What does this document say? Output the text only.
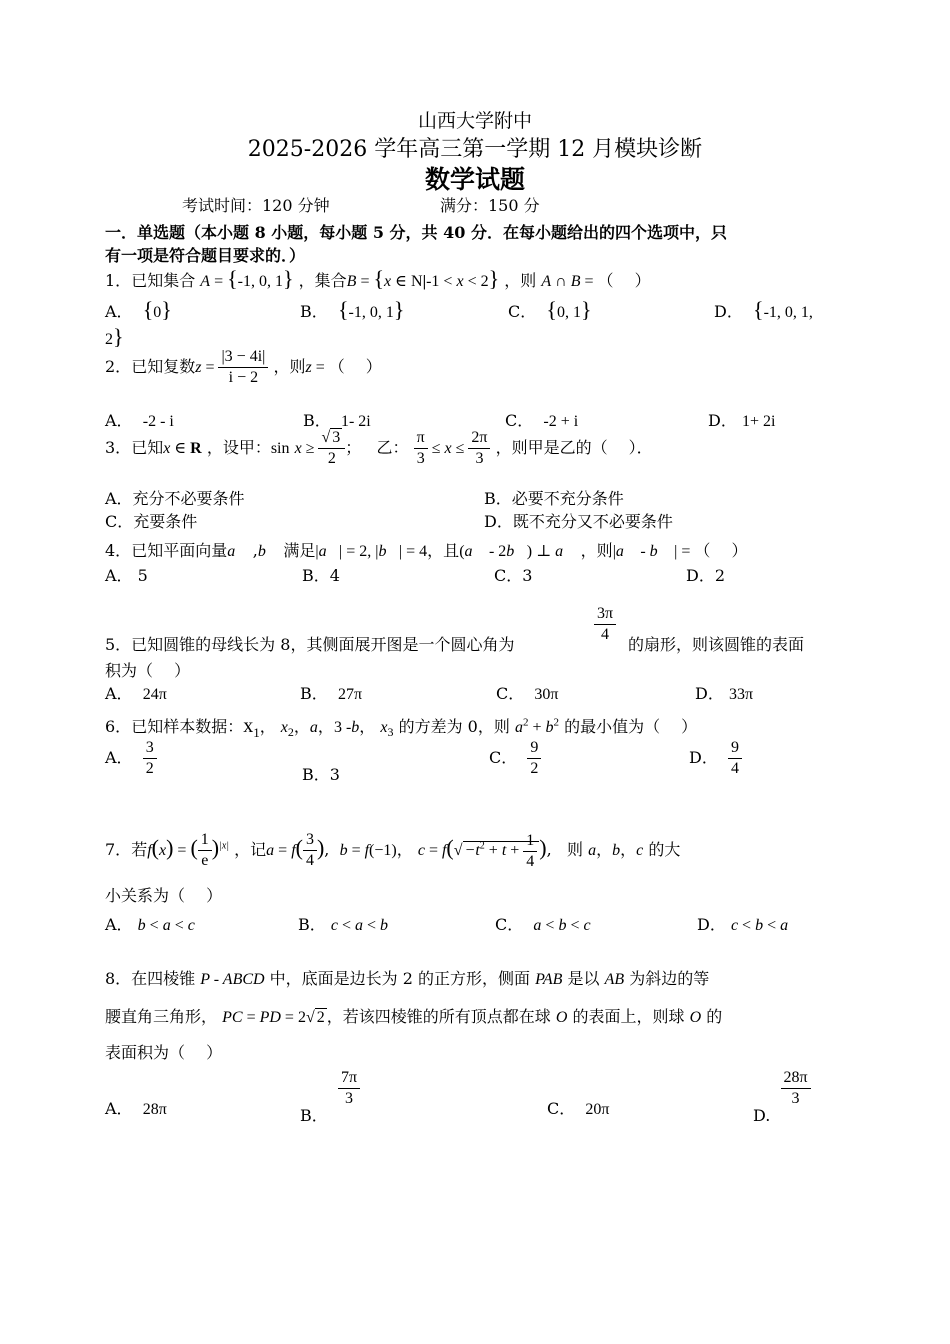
山西大学附中
2025-2026 学年高三第一学期 12 月模块诊断
数学试题
考试时间：120 分钟	满分：150 分
一．单选题（本小题 8 小题，每小题 5 分，共 40 分．在每小题给出的四个选项中，只
有一项是符合题目要求的．）
1．已知集合 A = {-1, 0, 1} ，集合B = {x ∈ N|-1 < x < 2} ，则 A ∩ B = （　 ）
A． {0}	B． {-1, 0, 1}	C． {0, 1}	D． {-1, 0, 1,
2}
2．已知复数$z = \frac{|3 - 4i|}{i - 2}$ ，则z = （　 ）
A． -2 - i	B． 1- 2i	C． -2 + i	D． 1+ 2i
3．已知x ∈ R ，设甲：$\sin x \ge \frac{√ 3}{2}$ ； 乙： $\frac{\pi}{3} \le x \le \frac{2\pi}{3}$ ，则甲是乙的（　 ）．
A．充分不必要条件	B．必要不充分条件
C．充要条件	D．既不充分又不必要条件
4．已知平面向量a⃗ ,b⃗ 满足|a⃗| = 2, |b⃗| = 4，且(a⃗ - 2b⃗) ⊥ a⃗ ，则|a⃗ - b⃗ | = （　 ）
A． 5	B．4	C．3	D．2
$\frac{3\pi}{4}$
5．已知圆锥的母线长为 8，其侧面展开图是一个圆心角为	的扇形，则该圆锥的表面
积为（　 ）
A． 24π	B． 27π	C． 30π	D． 33π
6．已知样本数据：$x_1$， $x_2$，a，3 -b， $x_3$ 的方差为 0，则 $a^2 + b^2$ 的最小值为（　 ）
A． $\frac{3}{2}$	B．3
C． $\frac{9}{2}$	D． $\frac{9}{4}$
7．若f(x) = ( $\frac{1}{e} )^{|x|}$ ，记$a = f( \frac{3}{4}$ ),  b = f(−1)， $c = f(√ -t^2 + t + \frac{1}{4}$ ),   则 a，b，c 的大
小关系为（　 ）
A． b < a < c	B． c < a < b	C． a < b < c	D． c < b < a
8．在四棱锥 P - ABCD 中，底面是边长为 2 的正方形，侧面 PAB 是以 AB 为斜边的等
腰直角三角形， PC = PD = 2√ 2 ，若该四棱锥的所有顶点都在球 O 的表面上，则球 O 的
表面积为（　 ）
A． 28π	B．
$\frac{7\pi}{3}$	C． 20π	D.
$\frac{28\pi}{3}$
